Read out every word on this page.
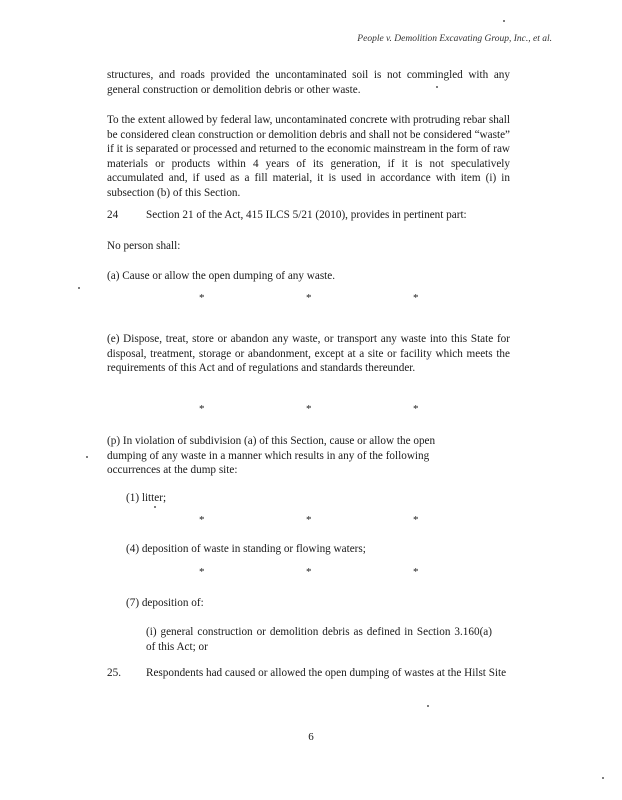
People v. Demolition Excavating Group, Inc., et al.
structures, and roads provided the uncontaminated soil is not commingled with any general construction or demolition debris or other waste.
To the extent allowed by federal law, uncontaminated concrete with protruding rebar shall be considered clean construction or demolition debris and shall not be considered “waste” if it is separated or processed and returned to the economic mainstream in the form of raw materials or products within 4 years of its generation, if it is not speculatively accumulated and, if used as a fill material, it is used in accordance with item (i) in subsection (b) of this Section.
24 Section 21 of the Act, 415 ILCS 5/21 (2010), provides in pertinent part:
No person shall:
(a) Cause or allow the open dumping of any waste.
*	*	*
(e) Dispose, treat, store or abandon any waste, or transport any waste into this State for disposal, treatment, storage or abandonment, except at a site or facility which meets the requirements of this Act and of regulations and standards thereunder.
*	*	*
(p) In violation of subdivision (a) of this Section, cause or allow the open dumping of any waste in a manner which results in any of the following occurrences at the dump site:
(1) litter;
*	*	*
(4) deposition of waste in standing or flowing waters;
*	*	*
(7) deposition of:
(i) general construction or demolition debris as defined in Section 3.160(a) of this Act; or
25. Respondents had caused or allowed the open dumping of wastes at the Hilst Site
6
